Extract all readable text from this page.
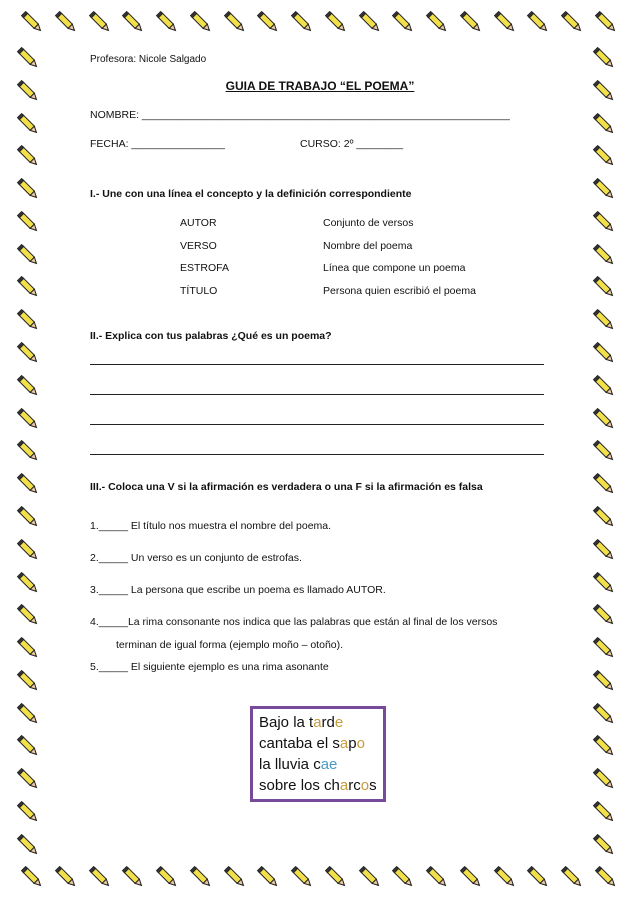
Profesora: Nicole Salgado
GUIA DE TRABAJO “EL POEMA”
NOMBRE: _______________________________________________________________
FECHA: ________________	CURSO: 2º ________
I.- Une con una línea el concepto y la definición correspondiente
AUTOR
VERSO
ESTROFA
TÍTULO
Conjunto de versos
Nombre del poema
Línea que compone un poema
Persona quien escribió el poema
II.- Explica con tus palabras ¿Qué es un poema?
III.- Coloca una V si la afirmación es verdadera o una F si la afirmación es falsa
1._____ El título nos muestra el nombre del poema.
2._____ Un verso es un conjunto de estrofas.
3._____ La persona que escribe un poema es llamado AUTOR.
4._____La rima consonante nos indica que las palabras que están al final de los versos
terminan de igual forma (ejemplo moño – otoño).
5._____ El siguiente ejemplo es una rima asonante
Bajo la tarde
cantaba el sapo
la lluvia cae
sobre los charcos
